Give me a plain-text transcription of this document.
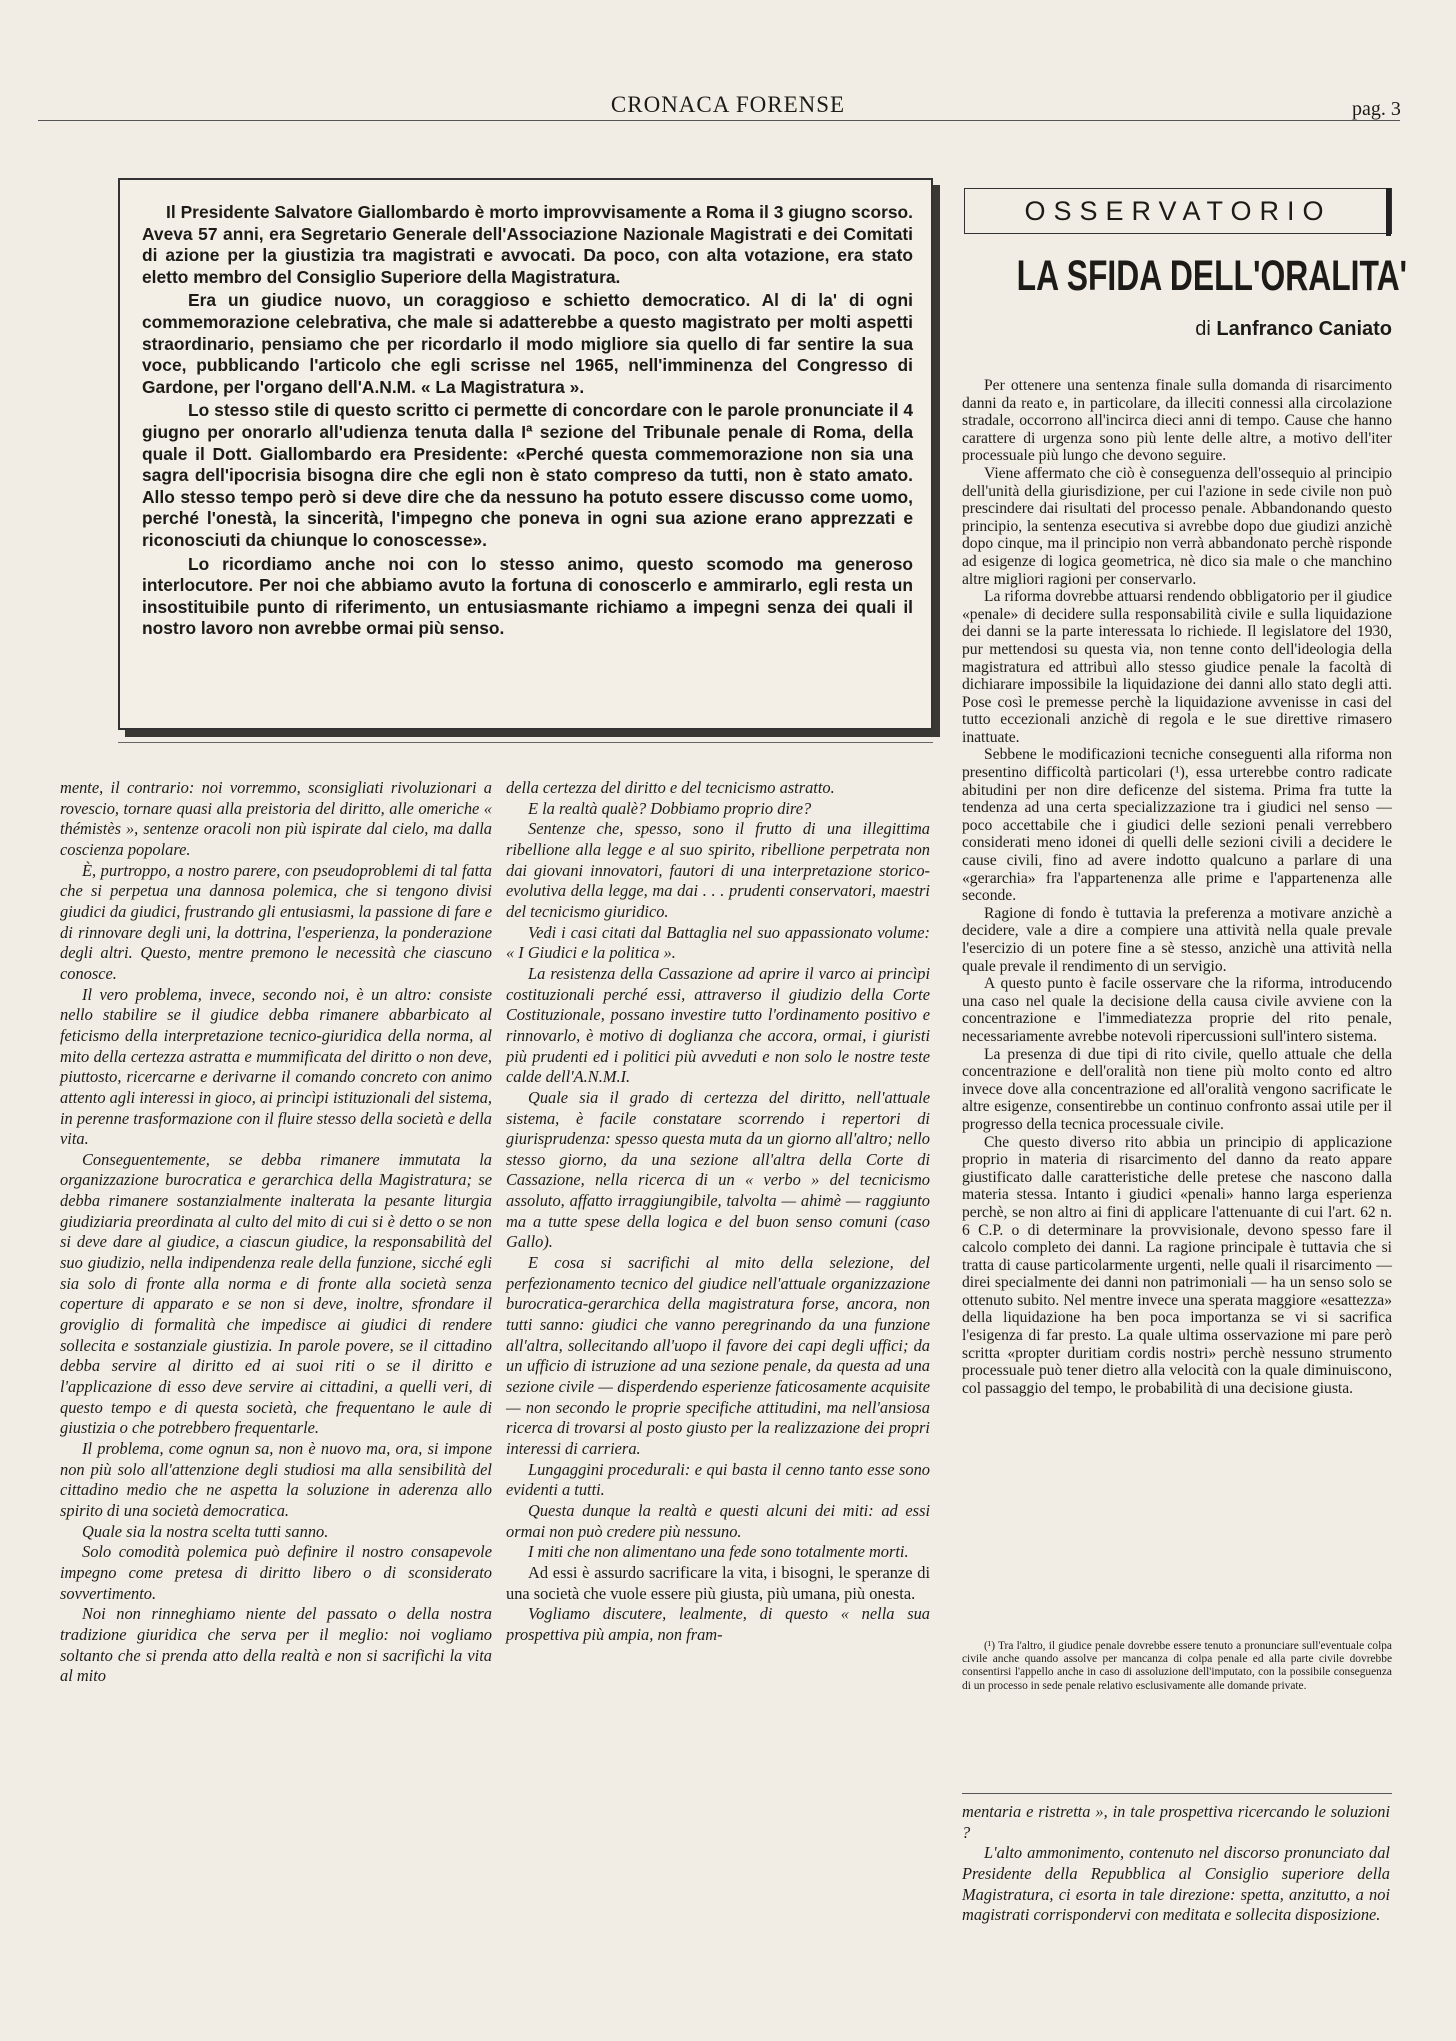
CRONACA FORENSE	pag. 3

Il Presidente Salvatore Giallombardo è morto improvvisamente a Roma il 3 giugno scorso. Aveva 57 anni, era Segretario Generale dell'Associazione Nazionale Magistrati e dei Comitati di azione per la giustizia tra magistrati e avvocati. Da poco, con alta votazione, era stato eletto membro del Consiglio Superiore della Magistratura.

Era un giudice nuovo, un coraggioso e schietto democratico. Al di la' di ogni commemorazione celebrativa, che male si adatterebbe a questo magistrato per molti aspetti straordinario, pensiamo che per ricordarlo il modo migliore sia quello di far sentire la sua voce, pubblicando l'articolo che egli scrisse nel 1965, nell'imminenza del Congresso di Gardone, per l'organo dell'A.N.M. « La Magistratura ».

Lo stesso stile di questo scritto ci permette di concordare con le parole pronunciate il 4 giugno per onorarlo all'udienza tenuta dalla Iª sezione del Tribunale penale di Roma, della quale il Dott. Giallombardo era Presidente: «Perché questa commemorazione non sia una sagra dell'ipocrisia bisogna dire che egli non è stato compreso da tutti, non è stato amato. Allo stesso tempo però si deve dire che da nessuno ha potuto essere discusso come uomo, perché l'onestà, la sincerità, l'impegno che poneva in ogni sua azione erano apprezzati e riconosciuti da chiunque lo conoscesse».

Lo ricordiamo anche noi con lo stesso animo, questo scomodo ma generoso interlocutore. Per noi che abbiamo avuto la fortuna di conoscerlo e ammirarlo, egli resta un insostituibile punto di riferimento, un entusiasmante richiamo a impegni senza dei quali il nostro lavoro non avrebbe ormai più senso.

OSSERVATORIO
LA SFIDA DELL'ORALITA'
di Lanfranco Caniato

Per ottenere una sentenza finale sulla domanda di risarcimento danni da reato e, in particolare, da illeciti connessi alla circolazione stradale, occorrono all'incirca dieci anni di tempo. Cause che hanno carattere di urgenza sono più lente delle altre, a motivo dell'iter processuale più lungo che devono seguire.

Viene affermato che ciò è conseguenza dell'ossequio al principio dell'unità della giurisdizione, per cui l'azione in sede civile non può prescindere dai risultati del processo penale. Abbandonando questo principio, la sentenza esecutiva si avrebbe dopo due giudizi anzichè dopo cinque, ma il principio non verrà abbandonato perchè risponde ad esigenze di logica geometrica, nè dico sia male o che manchino altre migliori ragioni per conservarlo.

La riforma dovrebbe attuarsi rendendo obbligatorio per il giudice «penale» di decidere sulla responsabilità civile e sulla liquidazione dei danni se la parte interessata lo richiede. Il legislatore del 1930, pur mettendosi su questa via, non tenne conto dell'ideologia della magistratura ed attribuì allo stesso giudice penale la facoltà di dichiarare impossibile la liquidazione dei danni allo stato degli atti. Pose così le premesse perchè la liquidazione avvenisse in casi del tutto eccezionali anzichè di regola e le sue direttive rimasero inattuate.

Sebbene le modificazioni tecniche conseguenti alla riforma non presentino difficoltà particolari (¹), essa urterebbe contro radicate abitudini per non dire deficenze del sistema. Prima fra tutte la tendenza ad una certa specializzazione tra i giudici nel senso — poco accettabile che i giudici delle sezioni penali verrebbero considerati meno idonei di quelli delle sezioni civili a decidere le cause civili, fino ad avere indotto qualcuno a parlare di una «gerarchia» fra l'appartenenza alle prime e l'appartenenza alle seconde.

Ragione di fondo è tuttavia la preferenza a motivare anzichè a decidere, vale a dire a compiere una attività nella quale prevale l'esercizio di un potere fine a sè stesso, anzichè una attività nella quale prevale il rendimento di un servigio.

A questo punto è facile osservare che la riforma, introducendo una caso nel quale la decisione della causa civile avviene con la concentrazione e l'immediatezza proprie del rito penale, necessariamente avrebbe notevoli ripercussioni sull'intero sistema.

La presenza di due tipi di rito civile, quello attuale che della concentrazione e dell'oralità non tiene più molto conto ed altro invece dove alla concentrazione ed all'oralità vengono sacrificate le altre esigenze, consentirebbe un continuo confronto assai utile per il progresso della tecnica processuale civile.

Che questo diverso rito abbia un principio di applicazione proprio in materia di risarcimento del danno da reato appare giustificato dalle caratteristiche delle pretese che nascono dalla materia stessa. Intanto i giudici «penali» hanno larga esperienza perchè, se non altro ai fini di applicare l'attenuante di cui l'art. 62 n. 6 C.P. o di determinare la provvisionale, devono spesso fare il calcolo completo dei danni. La ragione principale è tuttavia che si tratta di cause particolarmente urgenti, nelle quali il risarcimento — direi specialmente dei danni non patrimoniali — ha un senso solo se ottenuto subito. Nel mentre invece una sperata maggiore «esattezza» della liquidazione ha ben poca importanza se vi si sacrifica l'esigenza di far presto. La quale ultima osservazione mi pare però scritta «propter duritiam cordis nostri» perchè nessuno strumento processuale può tener dietro alla velocità con la quale diminuiscono, col passaggio del tempo, le probabilità di una decisione giusta.

(¹) Tra l'altro, il giudice penale dovrebbe essere tenuto a pronunciare sull'eventuale colpa civile anche quando assolve per mancanza di colpa penale ed alla parte civile dovrebbe consentirsi l'appello anche in caso di assoluzione dell'imputato, con la possibile conseguenza di un processo in sede penale relativo esclusivamente alle domande private.

mentaria e ristretta », in tale prospettiva ricercando le soluzioni ?

L'alto ammonimento, contenuto nel discorso pronunciato dal Presidente della Repubblica al Consiglio superiore della Magistratura, ci esorta in tale direzione: spetta, anzitutto, a noi magistrati corrispondervi con meditata e sollecita disposizione.

mente, il contrario: noi vorremmo, sconsigliati rivoluzionari a rovescio, tornare quasi alla preistoria del diritto, alle omeriche « thémistès », sentenze oracoli non più ispirate dal cielo, ma dalla coscienza popolare.

È, purtroppo, a nostro parere, con pseudoproblemi di tal fatta che si perpetua una dannosa polemica, che si tengono divisi giudici da giudici, frustrando gli entusiasmi, la passione di fare e di rinnovare degli uni, la dottrina, l'esperienza, la ponderazione degli altri. Questo, mentre premono le necessità che ciascuno conosce.

Il vero problema, invece, secondo noi, è un altro: consiste nello stabilire se il giudice debba rimanere abbarbicato al feticismo della interpretazione tecnico-giuridica della norma, al mito della certezza astratta e mummificata del diritto o non deve, piuttosto, ricercarne e derivarne il comando concreto con animo attento agli interessi in gioco, ai princìpi istituzionali del sistema, in perenne trasformazione con il fluire stesso della società e della vita.

Conseguentemente, se debba rimanere immutata la organizzazione burocratica e gerarchica della Magistratura; se debba rimanere sostanzialmente inalterata la pesante liturgia giudiziaria preordinata al culto del mito di cui si è detto o se non si deve dare al giudice, a ciascun giudice, la responsabilità del suo giudizio, nella indipendenza reale della funzione, sicché egli sia solo di fronte alla norma e di fronte alla società senza coperture di apparato e se non si deve, inoltre, sfrondare il groviglio di formalità che impedisce ai giudici di rendere sollecita e sostanziale giustizia. In parole povere, se il cittadino debba servire al diritto ed ai suoi riti o se il diritto e l'applicazione di esso deve servire ai cittadini, a quelli veri, di questo tempo e di questa società, che frequentano le aule di giustizia o che potrebbero frequentarle.

Il problema, come ognun sa, non è nuovo ma, ora, si impone non più solo all'attenzione degli studiosi ma alla sensibilità del cittadino medio che ne aspetta la soluzione in aderenza allo spirito di una società democratica.

Quale sia la nostra scelta tutti sanno.

Solo comodità polemica può definire il nostro consapevole impegno come pretesa di diritto libero o di sconsiderato sovvertimento.

Noi non rinneghiamo niente del passato o della nostra tradizione giuridica che serva per il meglio: noi vogliamo soltanto che si prenda atto della realtà e non si sacrifichi la vita al mito

della certezza del diritto e del tecnicismo astratto.

E la realtà qualè? Dobbiamo proprio dire?

Sentenze che, spesso, sono il frutto di una illegittima ribellione alla legge e al suo spirito, ribellione perpetrata non dai giovani innovatori, fautori di una interpretazione storico-evolutiva della legge, ma dai . . . prudenti conservatori, maestri del tecnicismo giuridico.

Vedi i casi citati dal Battaglia nel suo appassionato volume: « I Giudici e la politica ».

La resistenza della Cassazione ad aprire il varco ai princìpi costituzionali perché essi, attraverso il giudizio della Corte Costituzionale, possano investire tutto l'ordinamento positivo e rinnovarlo, è motivo di doglianza che accora, ormai, i giuristi più prudenti ed i politici più avveduti e non solo le nostre teste calde dell'A.N.M.I.

Quale sia il grado di certezza del diritto, nell'attuale sistema, è facile constatare scorrendo i repertori di giurisprudenza: spesso questa muta da un giorno all'altro; nello stesso giorno, da una sezione all'altra della Corte di Cassazione, nella ricerca di un « verbo » del tecnicismo assoluto, affatto irraggiungibile, talvolta — ahimè — raggiunto ma a tutte spese della logica e del buon senso comuni (caso Gallo).

E cosa si sacrifichi al mito della selezione, del perfezionamento tecnico del giudice nell'attuale organizzazione burocratica-gerarchica della magistratura forse, ancora, non tutti sanno: giudici che vanno peregrinando da una funzione all'altra, sollecitando all'uopo il favore dei capi degli uffici; da un ufficio di istruzione ad una sezione penale, da questa ad una sezione civile — disperdendo esperienze faticosamente acquisite — non secondo le proprie specifiche attitudini, ma nell'ansiosa ricerca di trovarsi al posto giusto per la realizzazione dei propri interessi di carriera.

Lungaggini procedurali: e qui basta il cenno tanto esse sono evidenti a tutti.

Questa dunque la realtà e questi alcuni dei miti: ad essi ormai non può credere più nessuno.

I miti che non alimentano una fede sono totalmente morti.

Ad essi è assurdo sacrificare la vita, i bisogni, le speranze di una società che vuole essere più giusta, più umana, più onesta.

Vogliamo discutere, lealmente, di questo « nella sua prospettiva più ampia, non fram-
